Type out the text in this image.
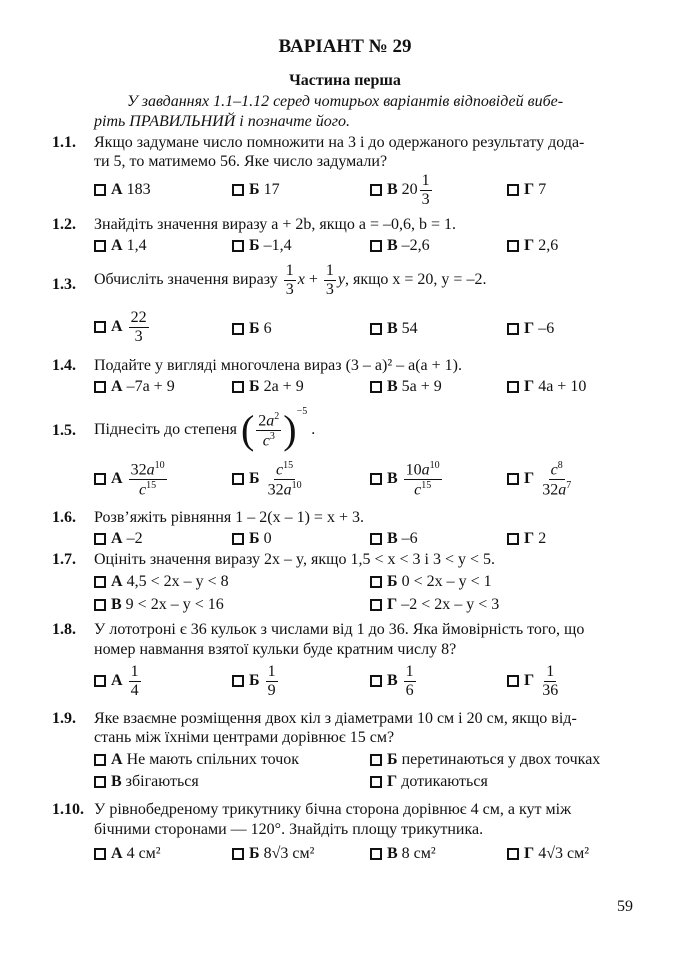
ВАРІАНТ № 29
Частина перша
У завданнях 1.1–1.12 серед чотирьох варіантів відповідей вибе-
ріть ПРАВИЛЬНИЙ і позначте його.
1.1. Якщо задумане число помножити на 3 і до одержаного результату дода-
ти 5, то матимемо 56. Яке число задумали?
А 183	Б 17	В $20 \frac{1}{3}$	Г 7
1.2. Знайдіть значення виразу a + 2b, якщо a = –0,6, b = 1.
А 1,4	Б –1,4	В –2,6	Г 2,6
1.3. Обчисліть значення виразу
$\frac{1}{3}$ $x + \frac{1}{3}$ y , якщо x = 20, y = –2.
А $\frac{22}{3}$	Б 6	В 54	Г –6
1.4. Подайте у вигляді многочлена вираз (3 – a)² – a(a + 1).
А –7a + 9	Б 2a + 9	В 5a + 9	Г 4a + 10
1.5. Піднесіть до степеня
( $\frac{2a^2}{c^3} )^{-5}$
.
А $\frac{32a^{10}}{c^{15}}$	Б $\frac{c^{15}}{32a^{10}}$	В $\frac{10a^{10}}{c^{15}}$	Г $\frac{c^8}{32a^7}$
1.6. Розв’яжіть рівняння 1 – 2(x – 1) = x + 3.
А –2	Б 0	В –6	Г 2
1.7. Оцініть значення виразу 2x – y, якщо 1,5 < x < 3 і 3 < y < 5.
А 4,5 < 2x – y < 8	Б 0 < 2x – y < 1
В 9 < 2x – y < 16	Г –2 < 2x – y < 3
1.8. У лототроні є 36 кульок з числами від 1 до 36. Яка ймовірність того, що
номер навмання взятої кульки буде кратним числу 8?
А $\frac{1}{4}$	Б $\frac{1}{9}$	В $\frac{1}{6}$	Г $\frac{1}{36}$
1.9. Яке взаємне розміщення двох кіл з діаметрами 10 см і 20 см, якщо від-
стань між їхніми центрами дорівнює 15 см?
А Не мають спільних точок	Б перетинаються у двох точках
В збігаються	Г дотикаються
1.10. У рівнобедреному трикутнику бічна сторона дорівнює 4 см, а кут між
бічними сторонами — 120°. Знайдіть площу трикутника.
А 4 см²	Б 8√3 см²	В 8 см²	Г 4√3 см²
59
